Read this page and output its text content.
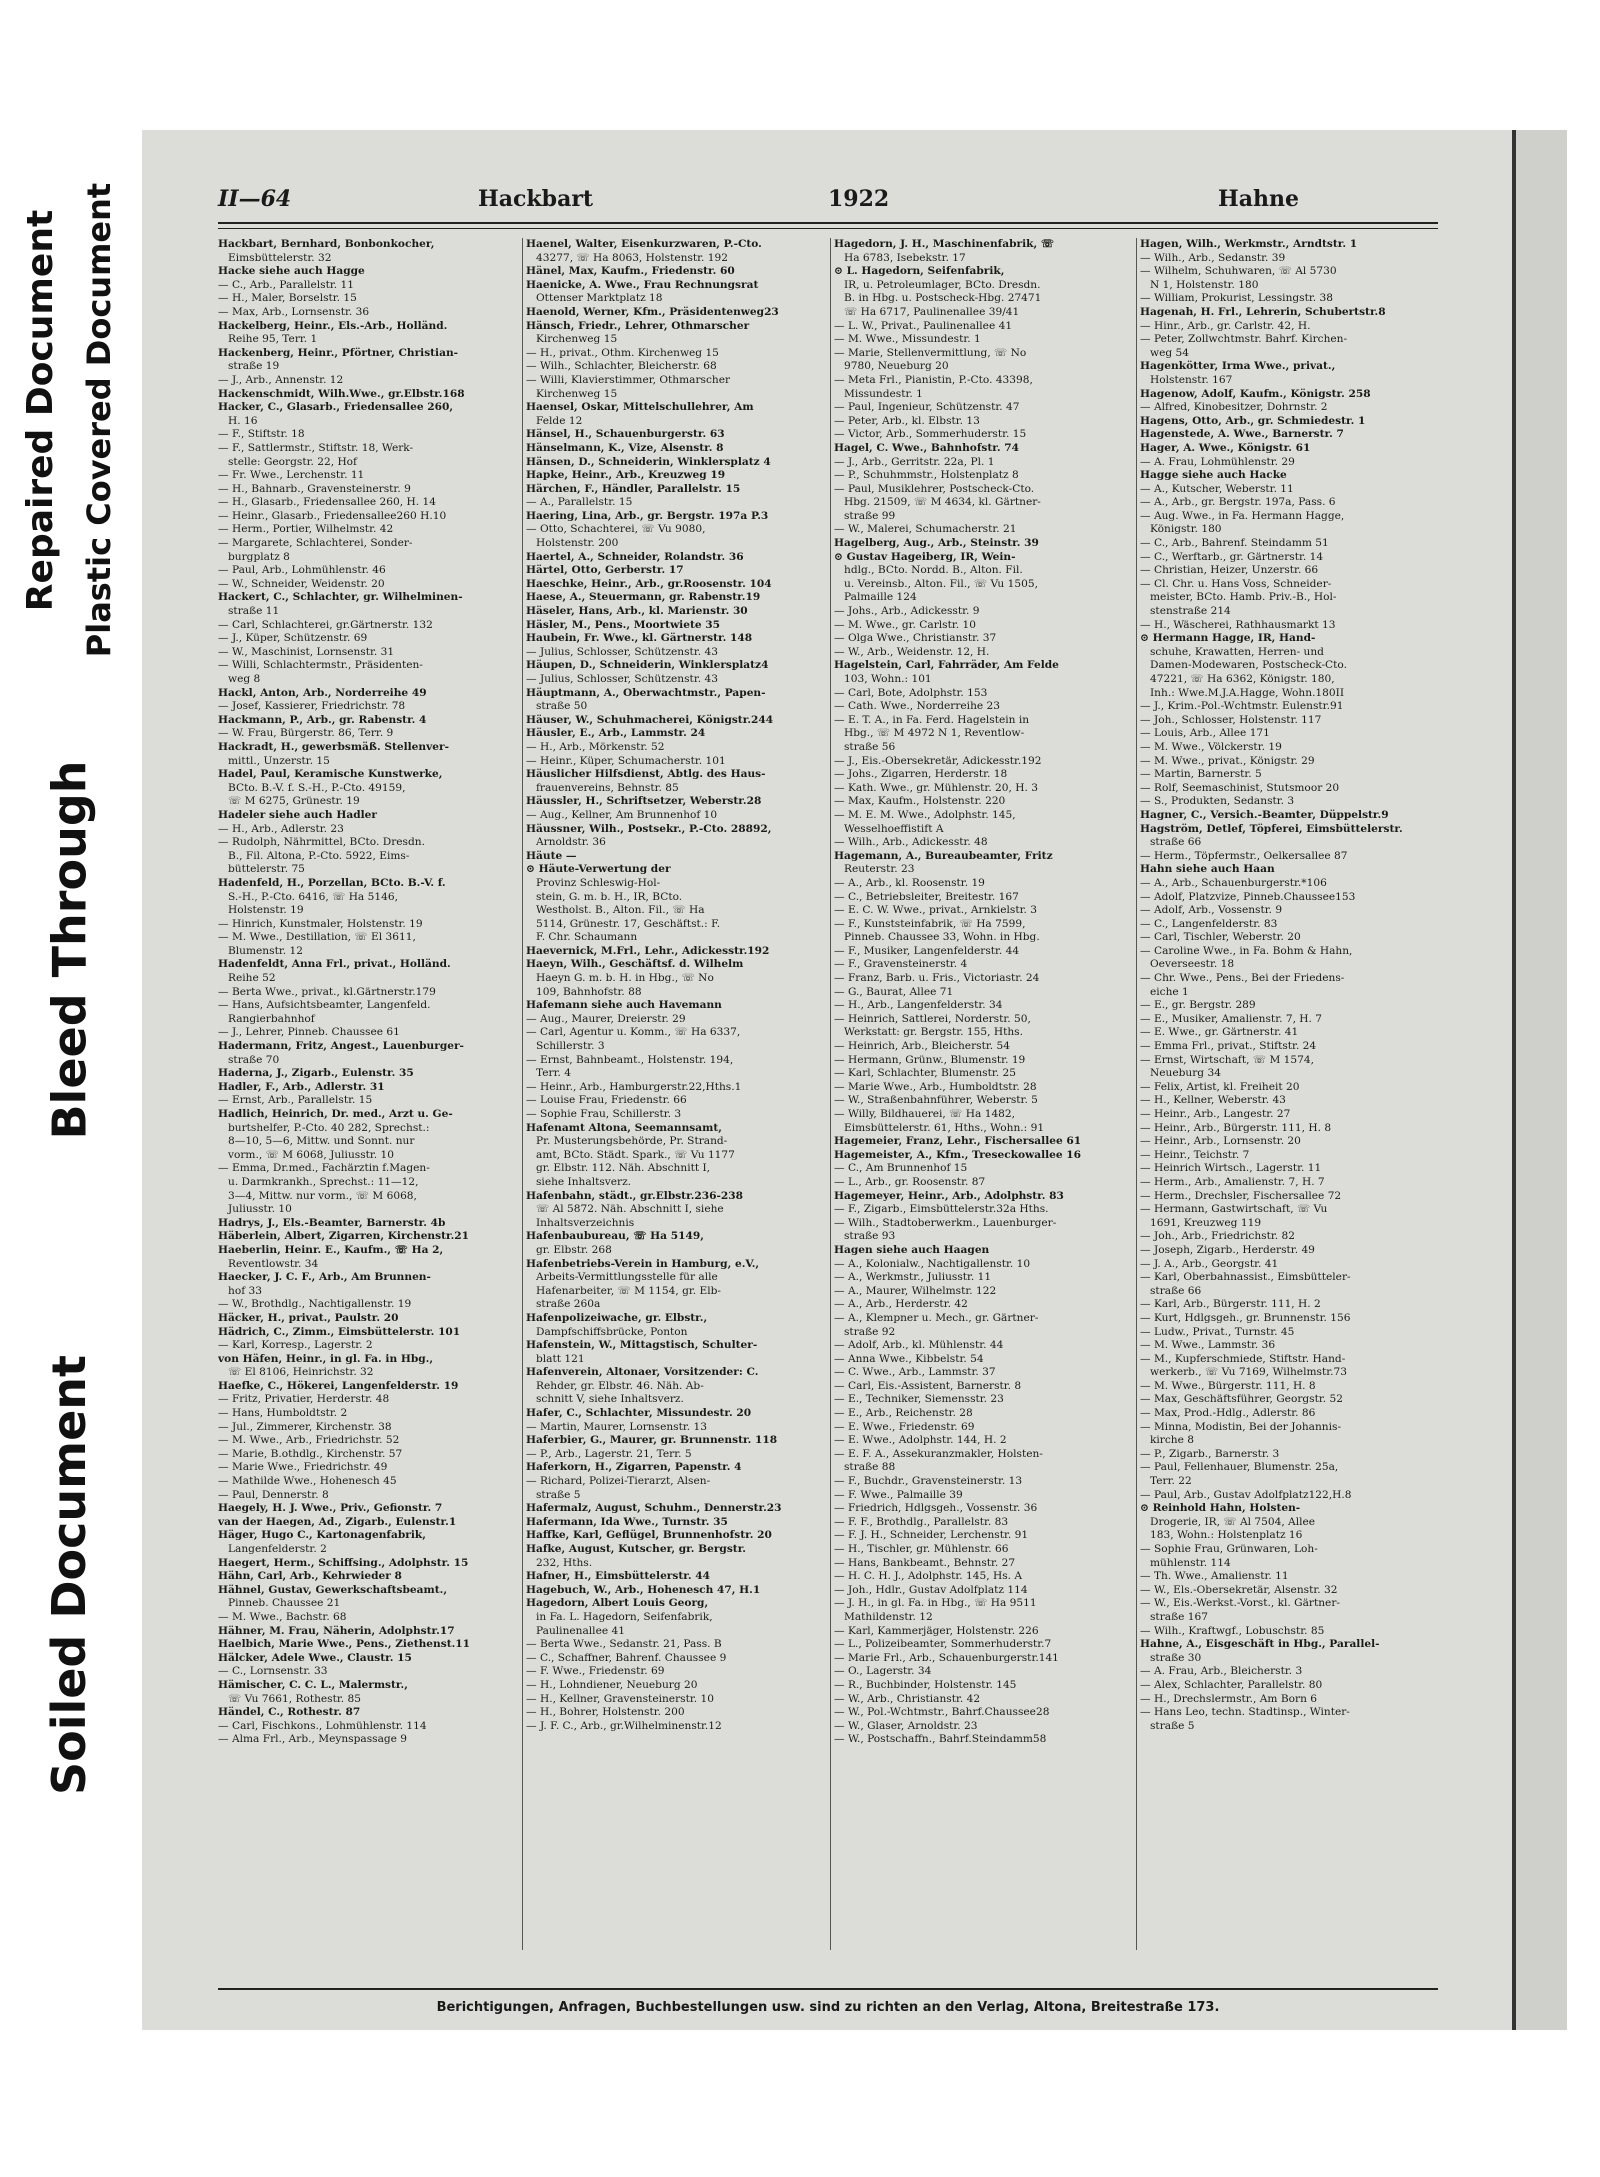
Repaired Document Plastic Covered Document
Bleed Through
Soiled Document
II—64	Hackbart	1922	Hahne
Hackbart, Bernhard, Bonbonkocher,
Eimsbüttelerstr. 32
Hacke siehe auch Hagge
— C., Arb., Parallelstr. 11
— H., Maler, Borselstr. 15
— Max, Arb., Lornsenstr. 36
Hackelberg, Heinr., Els.-Arb., Holländ.
Reihe 95, Terr. 1
Hackenberg, Heinr., Pförtner, Christian-
straße 19
— J., Arb., Annenstr. 12
Hackenschmidt, Wilh.Wwe., gr.Elbstr.168
Hacker, C., Glasarb., Friedensallee 260,
H. 16
— F., Stiftstr. 18
— F., Sattlermstr., Stiftstr. 18, Werk-
stelle: Georgstr. 22, Hof
— Fr. Wwe., Lerchenstr. 11
— H., Bahnarb., Gravensteinerstr. 9
— H., Glasarb., Friedensallee 260, H. 14
— Heinr., Glasarb., Friedensallee260 H.10
— Herm., Portier, Wilhelmstr. 42
— Margarete, Schlachterei, Sonder-
burgplatz 8
— Paul, Arb., Lohmühlenstr. 46
— W., Schneider, Weidenstr. 20
Hackert, C., Schlachter, gr. Wilhelminen-
straße 11
— Carl, Schlachterei, gr.Gärtnerstr. 132
— J., Küper, Schützenstr. 69
— W., Maschinist, Lornsenstr. 31
— Willi, Schlachtermstr., Präsidenten-
weg 8
Hackl, Anton, Arb., Norderreihe 49
— Josef, Kassierer, Friedrichstr. 78
Hackmann, P., Arb., gr. Rabenstr. 4
— W. Frau, Bürgerstr. 86, Terr. 9
Hackradt, H., gewerbsmäß. Stellenver-
mittl., Unzerstr. 15
Hadel, Paul, Keramische Kunstwerke,
BCto. B.-V. f. S.-H., P.-Cto. 49159,
☏ M 6275, Grünestr. 19
Hadeler siehe auch Hadler
— H., Arb., Adlerstr. 23
— Rudolph, Nährmittel, BCto. Dresdn.
B., Fil. Altona, P.-Cto. 5922, Eims-
büttelerstr. 75
Hadenfeld, H., Porzellan, BCto. B.-V. f.
S.-H., P.-Cto. 6416, ☏ Ha 5146,
Holstenstr. 19
— Hinrich, Kunstmaler, Holstenstr. 19
— M. Wwe., Destillation, ☏ El 3611,
Blumenstr. 12
Hadenfeldt, Anna Frl., privat., Holländ.
Reihe 52
— Berta Wwe., privat., kl.Gärtnerstr.179
— Hans, Aufsichtsbeamter, Langenfeld.
Rangierbahnhof
— J., Lehrer, Pinneb. Chaussee 61
Hadermann, Fritz, Angest., Lauenburger-
straße 70
Haderna, J., Zigarb., Eulenstr. 35
Hadler, F., Arb., Adlerstr. 31
— Ernst, Arb., Parallelstr. 15
Hadlich, Heinrich, Dr. med., Arzt u. Ge-
burtshelfer, P.-Cto. 40 282, Sprechst.:
8—10, 5—6, Mittw. und Sonnt. nur
vorm., ☏ M 6068, Juliusstr. 10
— Emma, Dr.med., Fachärztin f.Magen-
u. Darmkrankh., Sprechst.: 11—12,
3—4, Mittw. nur vorm., ☏ M 6068,
Juliusstr. 10
Hadrys, J., Els.-Beamter, Barnerstr. 4b
Häberlein, Albert, Zigarren, Kirchenstr.21
Haeberlin, Heinr. E., Kaufm., ☏ Ha 2,
Reventlowstr. 34
Haecker, J. C. F., Arb., Am Brunnen-
hof 33
— W., Brothdlg., Nachtigallenstr. 19
Häcker, H., privat., Paulstr. 20
Hädrich, C., Zimm., Eimsbüttelerstr. 101
— Karl, Korresp., Lagerstr. 2
von Häfen, Heinr., in gl. Fa. in Hbg.,
☏ El 8106, Heinrichstr. 32
Haefke, C., Hökerei, Langenfelderstr. 19
— Fritz, Privatier, Herderstr. 48
— Hans, Humboldtstr. 2
— Jul., Zimmerer, Kirchenstr. 38
— M. Wwe., Arb., Friedrichstr. 52
— Marie, B.othdlg., Kirchenstr. 57
— Marie Wwe., Friedrichstr. 49
— Mathilde Wwe., Hohenesch 45
— Paul, Dennerstr. 8
Haegely, H. J. Wwe., Priv., Gefionstr. 7
van der Haegen, Ad., Zigarb., Eulenstr.1
Häger, Hugo C., Kartonagenfabrik,
Langenfelderstr. 2
Haegert, Herm., Schiffsing., Adolphstr. 15
Hähn, Carl, Arb., Kehrwieder 8
Hähnel, Gustav, Gewerkschaftsbeamt.,
Pinneb. Chaussee 21
— M. Wwe., Bachstr. 68
Hähner, M. Frau, Näherin, Adolphstr.17
Haelbich, Marie Wwe., Pens., Ziethenst.11
Hälcker, Adele Wwe., Claustr. 15
— C., Lornsenstr. 33
Hämischer, C. C. L., Malermstr.,
☏ Vu 7661, Rothestr. 85
Händel, C., Rothestr. 87
— Carl, Fischkons., Lohmühlenstr. 114
— Alma Frl., Arb., Meynspassage 9
Haenel, Walter, Eisenkurzwaren, P.-Cto.
43277, ☏ Ha 8063, Holstenstr. 192
Hänel, Max, Kaufm., Friedenstr. 60
Haenicke, A. Wwe., Frau Rechnungsrat
Ottenser Marktplatz 18
Haenold, Werner, Kfm., Präsidentenweg23
Hänsch, Friedr., Lehrer, Othmarscher
Kirchenweg 15
— H., privat., Othm. Kirchenweg 15
— Wilh., Schlachter, Bleicherstr. 68
— Willi, Klavierstimmer, Othmarscher
Kirchenweg 15
Haensel, Oskar, Mittelschullehrer, Am
Felde 12
Hänsel, H., Schauenburgerstr. 63
Hänselmann, K., Vize, Alsenstr. 8
Hänsen, D., Schneiderin, Winklersplatz 4
Hapke, Heinr., Arb., Kreuzweg 19
Härchen, F., Händler, Parallelstr. 15
— A., Parallelstr. 15
Haering, Lina, Arb., gr. Bergstr. 197a P.3
— Otto, Schachterei, ☏ Vu 9080,
Holstenstr. 200
Haertel, A., Schneider, Rolandstr. 36
Härtel, Otto, Gerberstr. 17
Haeschke, Heinr., Arb., gr.Roosenstr. 104
Haese, A., Steuermann, gr. Rabenstr.19
Häseler, Hans, Arb., kl. Marienstr. 30
Häsler, M., Pens., Moortwiete 35
Haubein, Fr. Wwe., kl. Gärtnerstr. 148
— Julius, Schlosser, Schützenstr. 43
Häupen, D., Schneiderin, Winklersplatz4
— Julius, Schlosser, Schützenstr. 43
Häuptmann, A., Oberwachtmstr., Papen-
straße 50
Häuser, W., Schuhmacherei, Königstr.244
Häusler, E., Arb., Lammstr. 24
— H., Arb., Mörkenstr. 52
— Heinr., Küper, Schumacherstr. 101
Häuslicher Hilfsdienst, Abtlg. des Haus-
frauenvereins, Behnstr. 85
Häussler, H., Schriftsetzer, Weberstr.28
— Aug., Kellner, Am Brunnenhof 10
Häussner, Wilh., Postsekr., P.-Cto. 28892,
Arnoldstr. 36
Häute —
⊙ Häute-Verwertung der
Provinz Schleswig-Hol-
stein, G. m. b. H., IR, BCto.
Westholst. B., Alton. Fil., ☏ Ha
5114, Grünestr. 17, Geschäftst.: F.
F. Chr. Schaumann
Haevernick, M.Frl., Lehr., Adickesstr.192
Haeyn, Wilh., Geschäftsf. d. Wilhelm
Haeyn G. m. b. H. in Hbg., ☏ No
109, Bahnhofstr. 88
Hafemann siehe auch Havemann
— Aug., Maurer, Dreierstr. 29
— Carl, Agentur u. Komm., ☏ Ha 6337,
Schillerstr. 3
— Ernst, Bahnbeamt., Holstenstr. 194,
Terr. 4
— Heinr., Arb., Hamburgerstr.22,Hths.1
— Louise Frau, Friedenstr. 66
— Sophie Frau, Schillerstr. 3
Hafenamt Altona, Seemannsamt,
Pr. Musterungsbehörde, Pr. Strand-
amt, BCto. Städt. Spark., ☏ Vu 1177
gr. Elbstr. 112. Näh. Abschnitt I,
siehe Inhaltsverz.
Hafenbahn, städt., gr.Elbstr.236-238
☏ Al 5872. Näh. Abschnitt I, siehe
Inhaltsverzeichnis
Hafenbaubureau, ☏ Ha 5149,
gr. Elbstr. 268
Hafenbetriebs-Verein in Hamburg, e.V.,
Arbeits-Vermittlungsstelle für alle
Hafenarbeiter, ☏ M 1154, gr. Elb-
straße 260a
Hafenpolizeiwache, gr. Elbstr.,
Dampfschiffsbrücke, Ponton
Hafenstein, W., Mittagstisch, Schulter-
blatt 121
Hafenverein, Altonaer, Vorsitzender: C.
Rehder, gr. Elbstr. 46. Näh. Ab-
schnitt V, siehe Inhaltsverz.
Hafer, C., Schlachter, Missundestr. 20
— Martin, Maurer, Lornsenstr. 13
Haferbier, G., Maurer, gr. Brunnenstr. 118
— P., Arb., Lagerstr. 21, Terr. 5
Haferkorn, H., Zigarren, Papenstr. 4
— Richard, Polizei-Tierarzt, Alsen-
straße 5
Hafermalz, August, Schuhm., Dennerstr.23
Hafermann, Ida Wwe., Turnstr. 35
Haffke, Karl, Geflügel, Brunnenhofstr. 20
Hafke, August, Kutscher, gr. Bergstr.
232, Hths.
Hafner, H., Eimsbüttelerstr. 44
Hagebuch, W., Arb., Hohenesch 47, H.1
Hagedorn, Albert Louis Georg,
in Fa. L. Hagedorn, Seifenfabrik,
Paulinenallee 41
— Berta Wwe., Sedanstr. 21, Pass. B
— C., Schaffner, Bahrenf. Chaussee 9
— F. Wwe., Friedenstr. 69
— H., Lohndiener, Neueburg 20
— H., Kellner, Gravensteinerstr. 10
— H., Bohrer, Holstenstr. 200
— J. F. C., Arb., gr.Wilhelminenstr.12
Hagedorn, J. H., Maschinenfabrik, ☏
Ha 6783, Isebekstr. 17
⊙ L. Hagedorn, Seifenfabrik,
IR, u. Petroleumlager, BCto. Dresdn.
B. in Hbg. u. Postscheck-Hbg. 27471
☏ Ha 6717, Paulinenallee 39/41
— L. W., Privat., Paulinenallee 41
— M. Wwe., Missundestr. 1
— Marie, Stellenvermittlung, ☏ No
9780, Neueburg 20
— Meta Frl., Pianistin, P.-Cto. 43398,
Missundestr. 1
— Paul, Ingenieur, Schützenstr. 47
— Peter, Arb., kl. Elbstr. 13
— Victor, Arb., Sommerhuderstr. 15
Hagel, C. Wwe., Bahnhofstr. 74
— J., Arb., Gerritstr. 22a, Pl. 1
— P., Schuhmmstr., Holstenplatz 8
— Paul, Musiklehrer, Postscheck-Cto.
Hbg. 21509, ☏ M 4634, kl. Gärtner-
straße 99
— W., Malerei, Schumacherstr. 21
Hagelberg, Aug., Arb., Steinstr. 39
⊙ Gustav Hageiberg, IR, Wein-
hdlg., BCto. Nordd. B., Alton. Fil.
u. Vereinsb., Alton. Fil., ☏ Vu 1505,
Palmaille 124
— Johs., Arb., Adickesstr. 9
— M. Wwe., gr. Carlstr. 10
— Olga Wwe., Christianstr. 37
— W., Arb., Weidenstr. 12, H.
Hagelstein, Carl, Fahrräder, Am Felde
103, Wohn.: 101
— Carl, Bote, Adolphstr. 153
— Cath. Wwe., Norderreihe 23
— E. T. A., in Fa. Ferd. Hagelstein in
Hbg., ☏ M 4972 N 1, Reventlow-
straße 56
— J., Eis.-Obersekretär, Adickesstr.192
— Johs., Zigarren, Herderstr. 18
— Kath. Wwe., gr. Mühlenstr. 20, H. 3
— Max, Kaufm., Holstenstr. 220
— M. E. M. Wwe., Adolphstr. 145,
Wesselhoeffistift A
— Wilh., Arb., Adickesstr. 48
Hagemann, A., Bureaubeamter, Fritz
Reuterstr. 23
— A., Arb., kl. Roosenstr. 19
— C., Betriebsleiter, Breitestr. 167
— E. C. W. Wwe., privat., Arnkielstr. 3
— F., Kunststeinfabrik, ☏ Ha 7599,
Pinneb. Chaussee 33, Wohn. in Hbg.
— F., Musiker, Langenfelderstr. 44
— F., Gravensteinerstr. 4
— Franz, Barb. u. Fris., Victoriastr. 24
— G., Baurat, Allee 71
— H., Arb., Langenfelderstr. 34
— Heinrich, Sattlerei, Norderstr. 50,
Werkstatt: gr. Bergstr. 155, Hths.
— Heinrich, Arb., Bleicherstr. 54
— Hermann, Grünw., Blumenstr. 19
— Karl, Schlachter, Blumenstr. 25
— Marie Wwe., Arb., Humboldtstr. 28
— W., Straßenbahnführer, Weberstr. 5
— Willy, Bildhauerei, ☏ Ha 1482,
Eimsbüttelerstr. 61, Hths., Wohn.: 91
Hagemeier, Franz, Lehr., Fischersallee 61
Hagemeister, A., Kfm., Treseckowallee 16
— C., Am Brunnenhof 15
— L., Arb., gr. Roosenstr. 87
Hagemeyer, Heinr., Arb., Adolphstr. 83
— F., Zigarb., Eimsbüttelerstr.32a Hths.
— Wilh., Stadtoberwerkm., Lauenburger-
straße 93
Hagen siehe auch Haagen
— A., Kolonialw., Nachtigallenstr. 10
— A., Werkmstr., Juliusstr. 11
— A., Maurer, Wilhelmstr. 122
— A., Arb., Herderstr. 42
— A., Klempner u. Mech., gr. Gärtner-
straße 92
— Adolf, Arb., kl. Mühlenstr. 44
— Anna Wwe., Kibbelstr. 54
— C. Wwe., Arb., Lammstr. 37
— Carl, Eis.-Assistent, Barnerstr. 8
— E., Techniker, Siemensstr. 23
— E., Arb., Reichenstr. 28
— E. Wwe., Friedenstr. 69
— E. Wwe., Adolphstr. 144, H. 2
— E. F. A., Assekuranzmakler, Holsten-
straße 88
— F., Buchdr., Gravensteinerstr. 13
— F. Wwe., Palmaille 39
— Friedrich, Hdlgsgeh., Vossenstr. 36
— F. F., Brothdlg., Parallelstr. 83
— F. J. H., Schneider, Lerchenstr. 91
— H., Tischler, gr. Mühlenstr. 66
— Hans, Bankbeamt., Behnstr. 27
— H. C. H. J., Adolphstr. 145, Hs. A
— Joh., Hdlr., Gustav Adolfplatz 114
— J. H., in gl. Fa. in Hbg., ☏ Ha 9511
Mathildenstr. 12
— Karl, Kammerjäger, Holstenstr. 226
— L., Polizeibeamter, Sommerhuderstr.7
— Marie Frl., Arb., Schauenburgerstr.141
— O., Lagerstr. 34
— R., Buchbinder, Holstenstr. 145
— W., Arb., Christianstr. 42
— W., Pol.-Wchtmstr., Bahrf.Chaussee28
— W., Glaser, Arnoldstr. 23
— W., Postschaffn., Bahrf.Steindamm58
Hagen, Wilh., Werkmstr., Arndtstr. 1
— Wilh., Arb., Sedanstr. 39
— Wilhelm, Schuhwaren, ☏ Al 5730
N 1, Holstenstr. 180
— William, Prokurist, Lessingstr. 38
Hagenah, H. Frl., Lehrerin, Schubertstr.8
— Hinr., Arb., gr. Carlstr. 42, H.
— Peter, Zollwchtmstr. Bahrf. Kirchen-
weg 54
Hagenkötter, Irma Wwe., privat.,
Holstenstr. 167
Hagenow, Adolf, Kaufm., Königstr. 258
— Alfred, Kinobesitzer, Dohrnstr. 2
Hagens, Otto, Arb., gr. Schmiedestr. 1
Hagenstede, A. Wwe., Barnerstr. 7
Hager, A. Wwe., Königstr. 61
— A. Frau, Lohmühlenstr. 29
Hagge siehe auch Hacke
— A., Kutscher, Weberstr. 11
— A., Arb., gr. Bergstr. 197a, Pass. 6
— Aug. Wwe., in Fa. Hermann Hagge,
Königstr. 180
— C., Arb., Bahrenf. Steindamm 51
— C., Werftarb., gr. Gärtnerstr. 14
— Christian, Heizer, Unzerstr. 66
— Cl. Chr. u. Hans Voss, Schneider-
meister, BCto. Hamb. Priv.-B., Hol-
stenstraße 214
— H., Wäscherei, Rathhausmarkt 13
⊙ Hermann Hagge, IR, Hand-
schuhe, Krawatten, Herren- und
Damen-Modewaren, Postscheck-Cto.
47221, ☏ Ha 6362, Königstr. 180,
Inh.: Wwe.M.J.A.Hagge, Wohn.180II
— J., Krim.-Pol.-Wchtmstr. Eulenstr.91
— Joh., Schlosser, Holstenstr. 117
— Louis, Arb., Allee 171
— M. Wwe., Völckerstr. 19
— M. Wwe., privat., Königstr. 29
— Martin, Barnerstr. 5
— Rolf, Seemaschinist, Stutsmoor 20
— S., Produkten, Sedanstr. 3
Hagner, C., Versich.-Beamter, Düppelstr.9
Hagström, Detlef, Töpferei, Eimsbüttelerstr.
straße 66
— Herm., Töpfermstr., Oelkersallee 87
Hahn siehe auch Haan
— A., Arb., Schauenburgerstr.*106
— Adolf, Platzvize, Pinneb.Chaussee153
— Adolf, Arb., Vossenstr. 9
— C., Langenfelderstr. 83
— Carl, Tischler, Weberstr. 20
— Caroline Wwe., in Fa. Bohm & Hahn,
Oeverseestr. 18
— Chr. Wwe., Pens., Bei der Friedens-
eiche 1
— E., gr. Bergstr. 289
— E., Musiker, Amalienstr. 7, H. 7
— E. Wwe., gr. Gärtnerstr. 41
— Emma Frl., privat., Stiftstr. 24
— Ernst, Wirtschaft, ☏ M 1574,
Neueburg 34
— Felix, Artist, kl. Freiheit 20
— H., Kellner, Weberstr. 43
— Heinr., Arb., Langestr. 27
— Heinr., Arb., Bürgerstr. 111, H. 8
— Heinr., Arb., Lornsenstr. 20
— Heinr., Teichstr. 7
— Heinrich Wirtsch., Lagerstr. 11
— Herm., Arb., Amalienstr. 7, H. 7
— Herm., Drechsler, Fischersallee 72
— Hermann, Gastwirtschaft, ☏ Vu
1691, Kreuzweg 119
— Joh., Arb., Friedrichstr. 82
— Joseph, Zigarb., Herderstr. 49
— J. A., Arb., Georgstr. 41
— Karl, Oberbahnassist., Eimsbütteler-
straße 66
— Karl, Arb., Bürgerstr. 111, H. 2
— Kurt, Hdlgsgeh., gr. Brunnenstr. 156
— Ludw., Privat., Turnstr. 45
— M. Wwe., Lammstr. 36
— M., Kupferschmiede, Stiftstr. Hand-
werkerb., ☏ Vu 7169, Wilhelmstr.73
— M. Wwe., Bürgerstr. 111, H. 8
— Max, Geschäftsführer, Georgstr. 52
— Max, Prod.-Hdlg., Adlerstr. 86
— Minna, Modistin, Bei der Johannis-
kirche 8
— P., Zigarb., Barnerstr. 3
— Paul, Fellenhauer, Blumenstr. 25a,
Terr. 22
— Paul, Arb., Gustav Adolfplatz122,H.8
⊙ Reinhold Hahn, Holsten-
Drogerie, IR, ☏ Al 7504, Allee
183, Wohn.: Holstenplatz 16
— Sophie Frau, Grünwaren, Loh-
mühlenstr. 114
— Th. Wwe., Amalienstr. 11
— W., Els.-Obersekretär, Alsenstr. 32
— W., Eis.-Werkst.-Vorst., kl. Gärtner-
straße 167
— Wilh., Kraftwgf., Lobuschstr. 85
Hahne, A., Eisgeschäft in Hbg., Parallel-
straße 30
— A. Frau, Arb., Bleicherstr. 3
— Alex, Schlachter, Parallelstr. 80
— H., Drechslermstr., Am Born 6
— Hans Leo, techn. Stadtinsp., Winter-
straße 5
Berichtigungen, Anfragen, Buchbestellungen usw. sind zu richten an den Verlag, Altona, Breitestraße 173.
